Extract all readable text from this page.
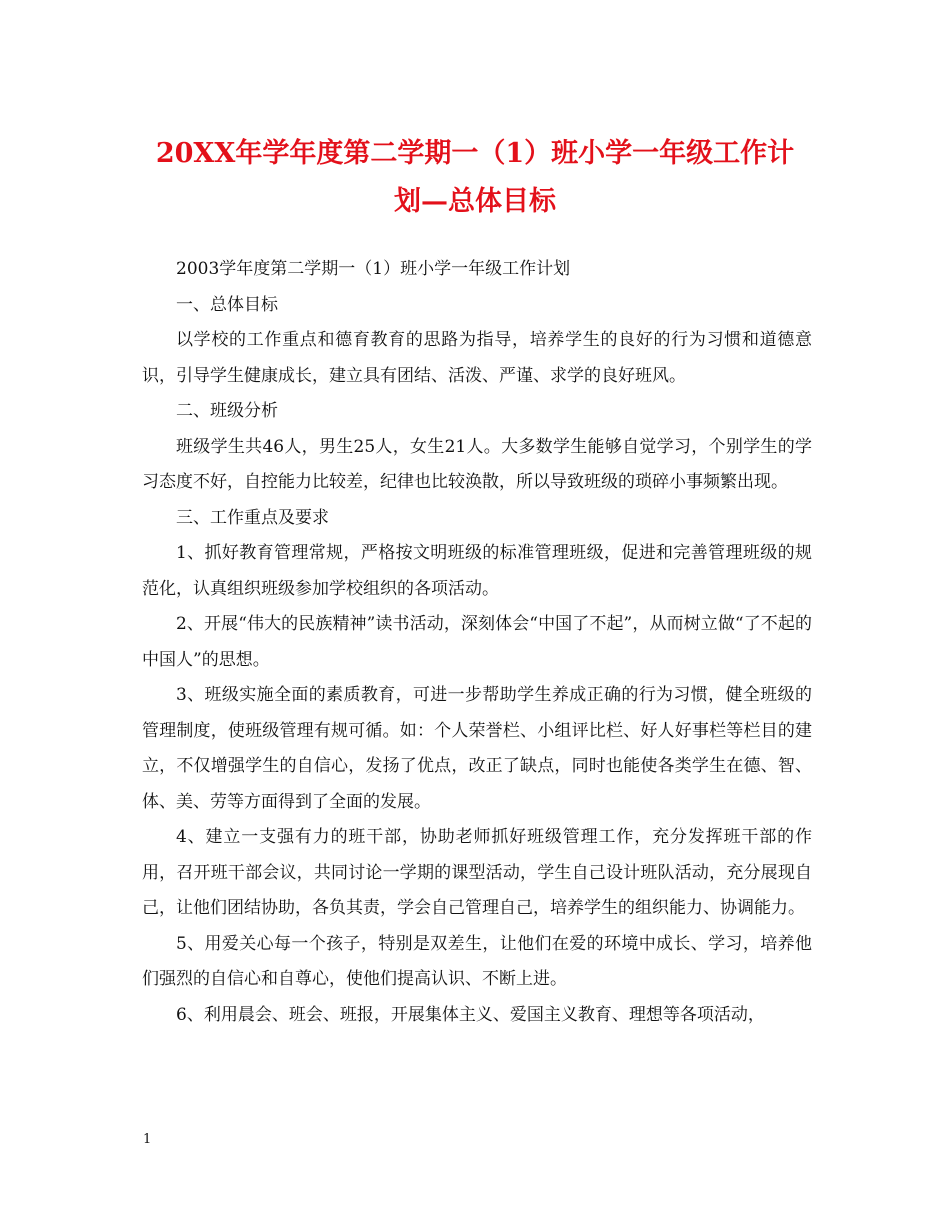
20XX年学年度第二学期一（1）班小学一年级工作计
划—总体目标

2003学年度第二学期一（1）班小学一年级工作计划

一、总体目标

以学校的工作重点和德育教育的思路为指导，培养学生的良好的行为习惯和道德意识，引导学生健康成长，建立具有团结、活泼、严谨、求学的良好班风。

二、班级分析

班级学生共46人，男生25人，女生21人。大多数学生能够自觉学习，个别学生的学习态度不好，自控能力比较差，纪律也比较涣散，所以导致班级的琐碎小事频繁出现。

三、工作重点及要求

1、抓好教育管理常规，严格按文明班级的标准管理班级，促进和完善管理班级的规范化，认真组织班级参加学校组织的各项活动。

2、开展“伟大的民族精神”读书活动，深刻体会“中国了不起”，从而树立做“了不起的中国人”的思想。

3、班级实施全面的素质教育，可进一步帮助学生养成正确的行为习惯，健全班级的管理制度，使班级管理有规可循。如：个人荣誉栏、小组评比栏、好人好事栏等栏目的建立，不仅增强学生的自信心，发扬了优点，改正了缺点，同时也能使各类学生在德、智、体、美、劳等方面得到了全面的发展。

4、建立一支强有力的班干部，协助老师抓好班级管理工作，充分发挥班干部的作用，召开班干部会议，共同讨论一学期的课型活动，学生自己设计班队活动，充分展现自己，让他们团结协助，各负其责，学会自己管理自己，培养学生的组织能力、协调能力。

5、用爱关心每一个孩子，特别是双差生，让他们在爱的环境中成长、学习，培养他们强烈的自信心和自尊心，使他们提高认识、不断上进。

6、利用晨会、班会、班报，开展集体主义、爱国主义教育、理想等各项活动，

1
